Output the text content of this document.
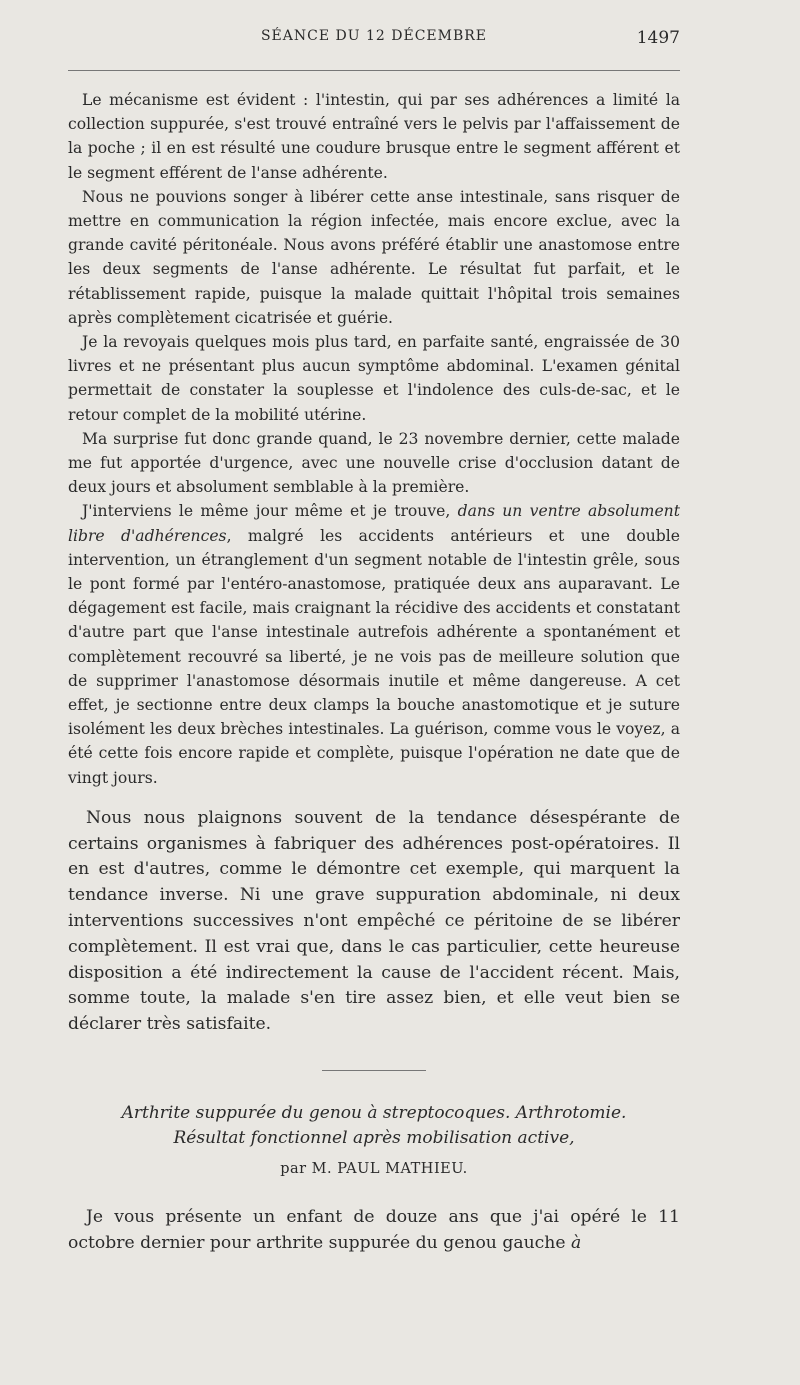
SÉANCE DU 12 DÉCEMBRE	1497

Le mécanisme est évident : l'intestin, qui par ses adhérences a limité la collection suppurée, s'est trouvé entraîné vers le pelvis par l'affaissement de la poche ; il en est résulté une coudure brusque entre le segment afférent et le segment efférent de l'anse adhérente.

Nous ne pouvions songer à libérer cette anse intestinale, sans risquer de mettre en communication la région infectée, mais encore exclue, avec la grande cavité péritonéale. Nous avons préféré établir une anastomose entre les deux segments de l'anse adhérente. Le résultat fut parfait, et le rétablissement rapide, puisque la malade quittait l'hôpital trois semaines après complètement cicatrisée et guérie.

Je la revoyais quelques mois plus tard, en parfaite santé, engraissée de 30 livres et ne présentant plus aucun symptôme abdominal. L'examen génital permettait de constater la souplesse et l'indolence des culs-de-sac, et le retour complet de la mobilité utérine.

Ma surprise fut donc grande quand, le 23 novembre dernier, cette malade me fut apportée d'urgence, avec une nouvelle crise d'occlusion datant de deux jours et absolument semblable à la première.

J'interviens le même jour même et je trouve, dans un ventre absolument libre d'adhérences, malgré les accidents antérieurs et une double intervention, un étranglement d'un segment notable de l'intestin grêle, sous le pont formé par l'entéro-anastomose, pratiquée deux ans auparavant. Le dégagement est facile, mais craignant la récidive des accidents et constatant d'autre part que l'anse intestinale autrefois adhérente a spontanément et complètement recouvré sa liberté, je ne vois pas de meilleure solution que de supprimer l'anastomose désormais inutile et même dangereuse. A cet effet, je sectionne entre deux clamps la bouche anastomotique et je suture isolément les deux brèches intestinales. La guérison, comme vous le voyez, a été cette fois encore rapide et complète, puisque l'opération ne date que de vingt jours.

Nous nous plaignons souvent de la tendance désespérante de certains organismes à fabriquer des adhérences post-opératoires. Il en est d'autres, comme le démontre cet exemple, qui marquent la tendance inverse. Ni une grave suppuration abdominale, ni deux interventions successives n'ont empêché ce péritoine de se libérer complètement. Il est vrai que, dans le cas particulier, cette heureuse disposition a été indirectement la cause de l'accident récent. Mais, somme toute, la malade s'en tire assez bien, et elle veut bien se déclarer très satisfaite.

Arthrite suppurée du genou à streptocoques. Arthrotomie.
Résultat fonctionnel après mobilisation active,
par M. PAUL MATHIEU.

Je vous présente un enfant de douze ans que j'ai opéré le 11 octobre dernier pour arthrite suppurée du genou gauche à
